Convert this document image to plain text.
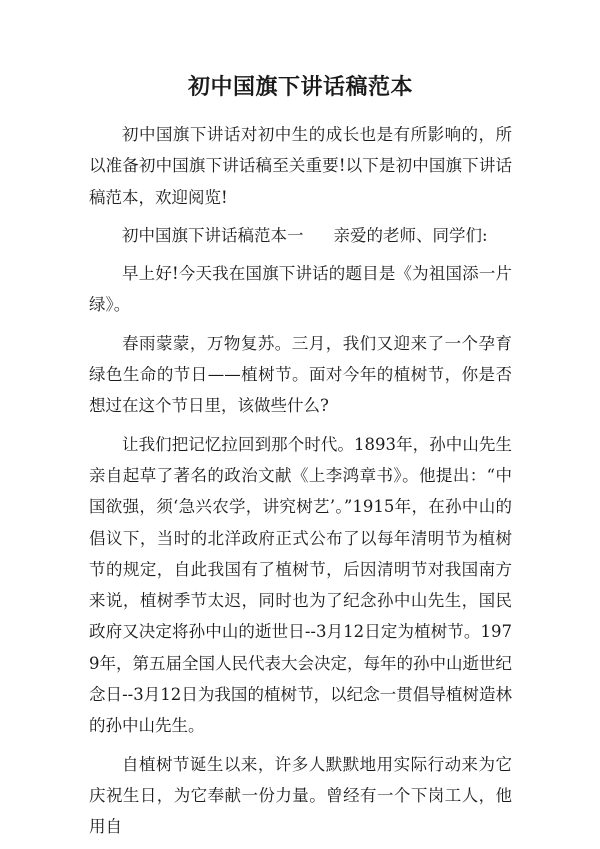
初中国旗下讲话稿范本

初中国旗下讲话对初中生的成长也是有所影响的，所以准备初中国旗下讲话稿至关重要!以下是初中国旗下讲话稿范本，欢迎阅览!

初中国旗下讲话稿范本一 亲爱的老师、同学们:

早上好!今天我在国旗下讲话的题目是《为祖国添一片绿》。

春雨蒙蒙，万物复苏。三月，我们又迎来了一个孕育绿色生命的节日——植树节。面对今年的植树节，你是否想过在这个节日里，该做些什么?

让我们把记忆拉回到那个时代。1893年，孙中山先生亲自起草了著名的政治文献《上李鸿章书》。他提出：“中国欲强，须‘急兴农学，讲究树艺’。”1915年，在孙中山的倡议下，当时的北洋政府正式公布了以每年清明节为植树节的规定，自此我国有了植树节，后因清明节对我国南方来说，植树季节太迟，同时也为了纪念孙中山先生，国民政府又决定将孙中山的逝世日--3月12日定为植树节。1979年，第五届全国人民代表大会决定，每年的孙中山逝世纪念日--3月12日为我国的植树节，以纪念一贯倡导植树造林的孙中山先生。

自植树节诞生以来，许多人默默地用实际行动来为它庆祝生日，为它奉献一份力量。曾经有一个下岗工人，他用自
